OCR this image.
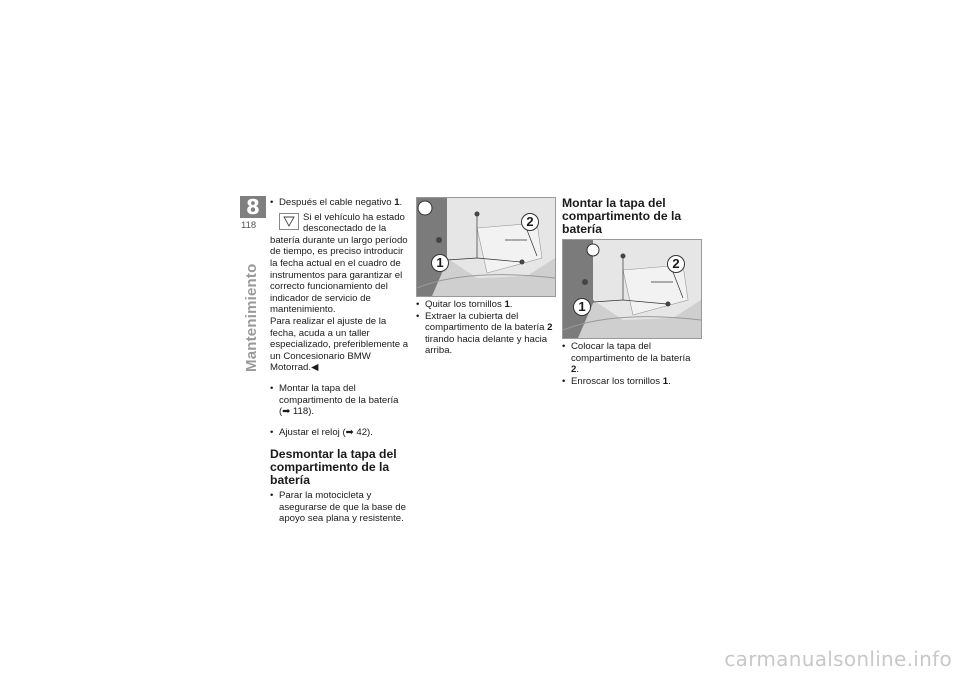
8
118
Mantenimiento

• Después el cable negativo 1.

Si el vehículo ha estado desconectado de la batería durante un largo período de tiempo, es preciso introducir la fecha actual en el cuadro de instrumentos para garantizar el correcto funcionamiento del indicador de servicio de mantenimiento.
Para realizar el ajuste de la fecha, acuda a un taller especializado, preferiblemente a un Concesionario BMW Motorrad.◀

• Montar la tapa del compartimento de la batería (➡ 118).

• Ajustar el reloj (➡ 42).

Desmontar la tapa del compartimento de la batería

• Parar la motocicleta y asegurarse de que la base de apoyo sea plana y resistente.

1
2

• Quitar los tornillos 1.

• Extraer la cubierta del compartimento de la batería 2 tirando hacia delante y hacia arriba.

Montar la tapa del compartimento de la batería
1
2

• Colocar la tapa del compartimento de la batería 2.

• Enroscar los tornillos 1.

carmanualsonline.info
